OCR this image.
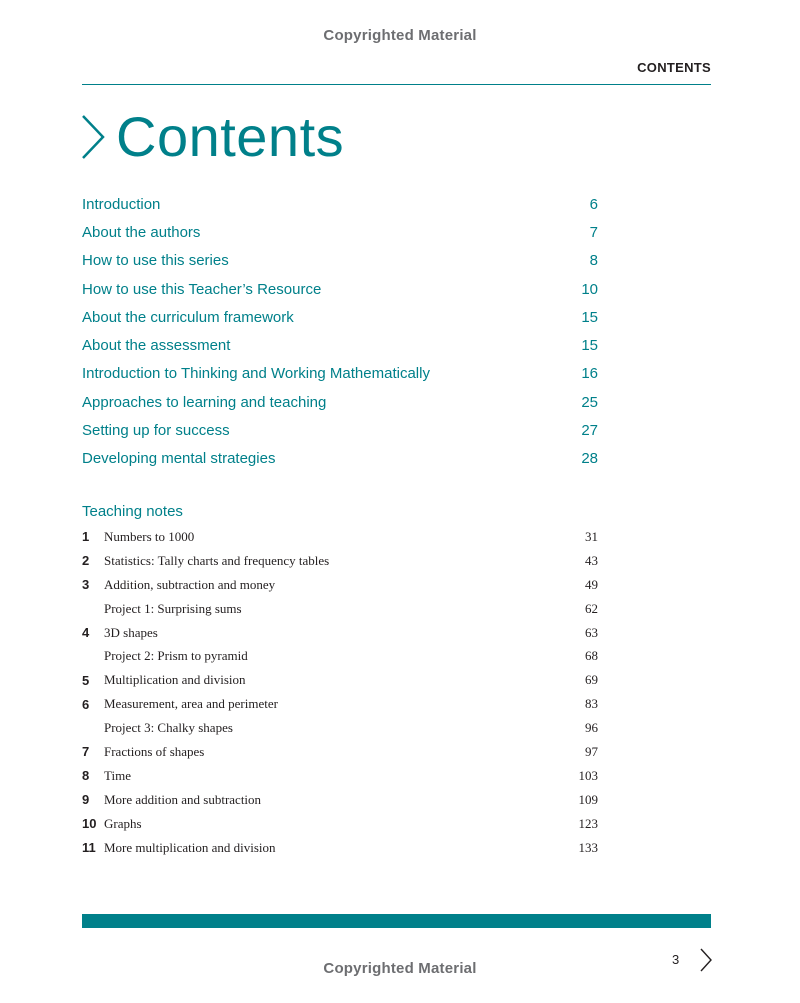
Copyrighted Material
CONTENTS
Contents
Introduction	6
About the authors	7
How to use this series	8
How to use this Teacher’s Resource	10
About the curriculum framework	15
About the assessment	15
Introduction to Thinking and Working Mathematically	16
Approaches to learning and teaching	25
Setting up for success	27
Developing mental strategies	28
Teaching notes
1	Numbers to 1000	31
2	Statistics: Tally charts and frequency tables	43
3	Addition, subtraction and money	49
Project 1: Surprising sums	62
4	3D shapes	63
Project 2: Prism to pyramid	68
5	Multiplication and division	69
6	Measurement, area and perimeter	83
Project 3: Chalky shapes	96
7	Fractions of shapes	97
8	Time	103
9	More addition and subtraction	109
10 Graphs	123
11 More multiplication and division	133
3
Copyrighted Material
